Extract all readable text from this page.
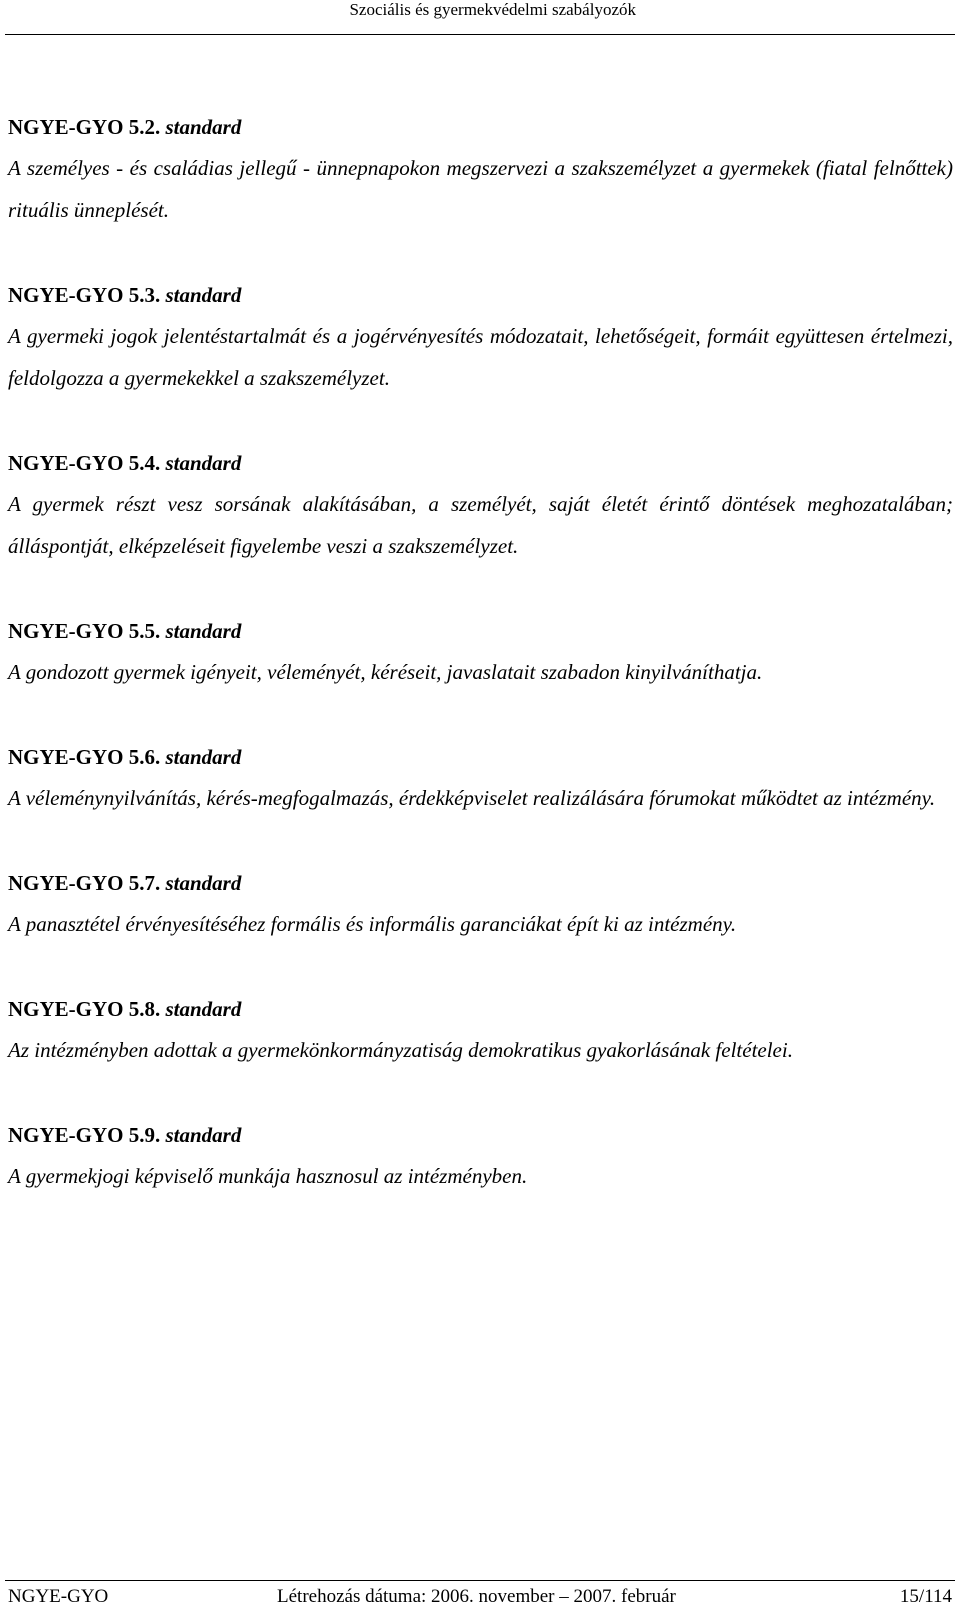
Szociális és gyermekvédelmi szabályozók

NGYE-GYO 5.2. standard

A személyes - és családias jellegű - ünnepnapokon megszervezi a szakszemélyzet a gyermekek (fiatal felnőttek) rituális ünneplését.

NGYE-GYO 5.3. standard

A gyermeki jogok jelentéstartalmát és a jogérvényesítés módozatait, lehetőségeit, formáit együttesen értelmezi, feldolgozza a gyermekekkel a szakszemélyzet.

NGYE-GYO 5.4. standard

A gyermek részt vesz sorsának alakításában, a személyét, saját életét érintő döntések meghozatalában; álláspontját, elképzeléseit figyelembe veszi a szakszemélyzet.

NGYE-GYO 5.5. standard

A gondozott gyermek igényeit, véleményét, kéréseit, javaslatait szabadon kinyilváníthatja.

NGYE-GYO 5.6. standard

A véleménynyilvánítás, kérés-megfogalmazás, érdekképviselet realizálására fórumokat működtet az intézmény.

NGYE-GYO 5.7. standard

A panasztétel érvényesítéséhez formális és informális garanciákat épít ki az intézmény.

NGYE-GYO 5.8. standard

Az intézményben adottak a gyermekönkormányzatiság demokratikus gyakorlásának feltételei.

NGYE-GYO 5.9. standard

A gyermekjogi képviselő munkája hasznosul az intézményben.

NGYE-GYO	Létrehozás dátuma: 2006. november – 2007. február	15/114
